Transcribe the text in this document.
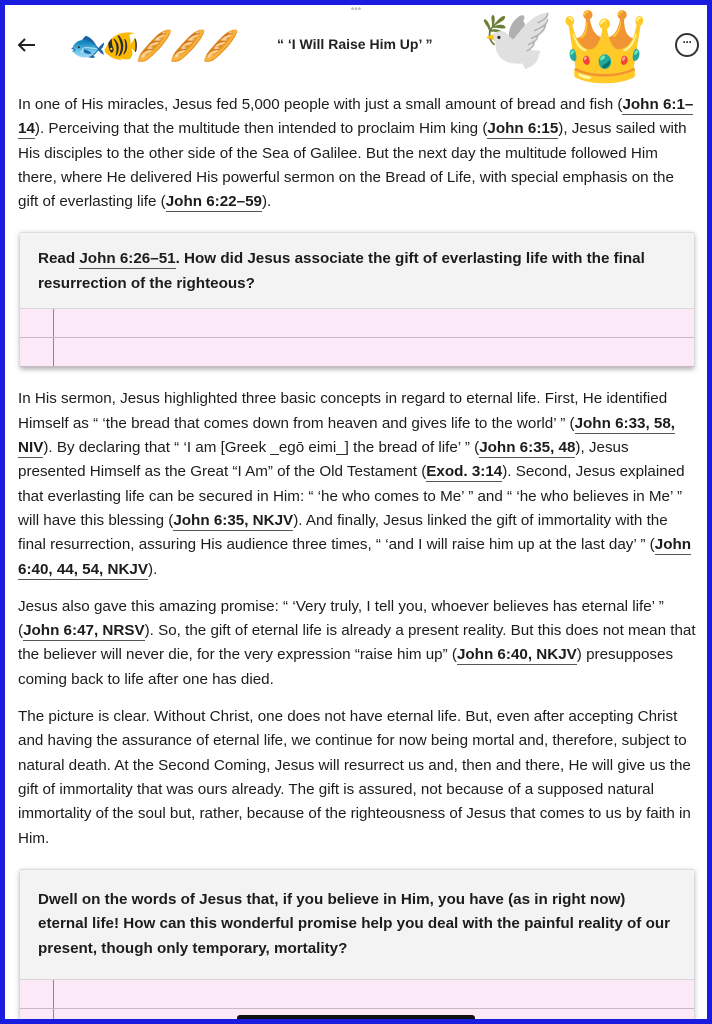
•••
🐟🐠🥖🥖🥖	“ ‘I Will Raise Him Up’ ” 🕊️ 👑	···

In one of His miracles, Jesus fed 5,000 people with just a small amount of bread and fish (John 6:1–14). Perceiving that the multitude then intended to proclaim Him king (John 6:15), Jesus sailed with His disciples to the other side of the Sea of Galilee. But the next day the multitude followed Him there, where He delivered His powerful sermon on the Bread of Life, with special emphasis on the gift of everlasting life (John 6:22–59).

Read John 6:26–51. How did Jesus associate the gift of everlasting life with the final resurrection of the righteous?

In His sermon, Jesus highlighted three basic concepts in regard to eternal life. First, He identified Himself as “ ‘the bread that comes down from heaven and gives life to the world’ ” (John 6:33, 58, NIV). By declaring that “ ‘I am [Greek _egō eimi_] the bread of life’ ” (John 6:35, 48), Jesus presented Himself as the Great “I Am” of the Old Testament (Exod. 3:14). Second, Jesus explained that everlasting life can be secured in Him: “ ‘he who comes to Me’ ” and “ ‘he who believes in Me’ ” will have this blessing (John 6:35, NKJV). And finally, Jesus linked the gift of immortality with the final resurrection, assuring His audience three times, “ ‘and I will raise him up at the last day’ ” (John 6:40, 44, 54, NKJV).

Jesus also gave this amazing promise: “ ‘Very truly, I tell you, whoever believes has eternal life’ ” (John 6:47, NRSV). So, the gift of eternal life is already a present reality. But this does not mean that the believer will never die, for the very expression “raise him up” (John 6:40, NKJV) presupposes coming back to life after one has died.

The picture is clear. Without Christ, one does not have eternal life. But, even after accepting Christ and having the assurance of eternal life, we continue for now being mortal and, therefore, subject to natural death. At the Second Coming, Jesus will resurrect us and, then and there, He will give us the gift of immortality that was ours already. The gift is assured, not because of a supposed natural immortality of the soul but, rather, because of the righteousness of Jesus that comes to us by faith in Him.

Dwell on the words of Jesus that, if you believe in Him, you have (as in right now) eternal life! How can this wonderful promise help you deal with the painful reality of our present, though only temporary, mortality?
